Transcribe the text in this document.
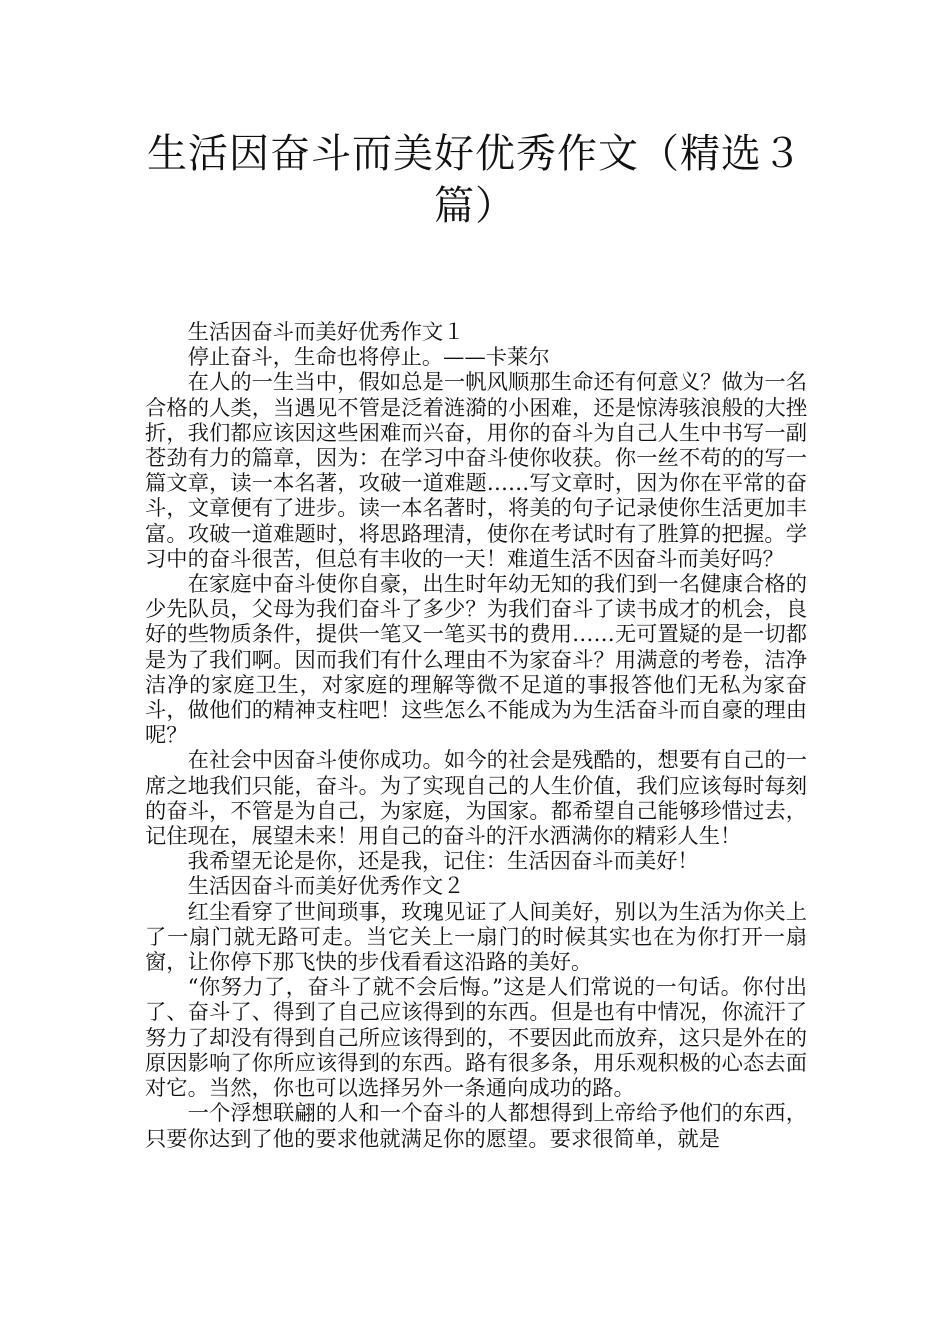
生活因奋斗而美好优秀作文（精选３篇）

生活因奋斗而美好优秀作文１

停止奋斗，生命也将停止。——卡莱尔

在人的一生当中，假如总是一帆风顺那生命还有何意义？做为一名合格的人类，当遇见不管是泛着涟漪的小困难，还是惊涛骇浪般的大挫折，我们都应该因这些困难而兴奋，用你的奋斗为自己人生中书写一副苍劲有力的篇章，因为：在学习中奋斗使你收获。你一丝不苟的的写一篇文章，读一本名著，攻破一道难题……写文章时，因为你在平常的奋斗，文章便有了进步。读一本名著时，将美的句子记录使你生活更加丰富。攻破一道难题时，将思路理清，使你在考试时有了胜算的把握。学习中的奋斗很苦，但总有丰收的一天！难道生活不因奋斗而美好吗？

在家庭中奋斗使你自豪，出生时年幼无知的我们到一名健康合格的少先队员，父母为我们奋斗了多少？为我们奋斗了读书成才的机会，良好的些物质条件，提供一笔又一笔买书的费用……无可置疑的是一切都是为了我们啊。因而我们有什么理由不为家奋斗？用满意的考卷，洁净洁净的家庭卫生，对家庭的理解等微不足道的事报答他们无私为家奋斗，做他们的精神支柱吧！这些怎么不能成为为生活奋斗而自豪的理由呢？

在社会中因奋斗使你成功。如今的社会是残酷的，想要有自己的一席之地我们只能，奋斗。为了实现自己的人生价值，我们应该每时每刻的奋斗，不管是为自己，为家庭，为国家。都希望自己能够珍惜过去，记住现在，展望未来！用自己的奋斗的汗水洒满你的精彩人生！

我希望无论是你，还是我，记住：生活因奋斗而美好！

生活因奋斗而美好优秀作文２

红尘看穿了世间琐事，玫瑰见证了人间美好，别以为生活为你关上了一扇门就无路可走。当它关上一扇门的时候其实也在为你打开一扇窗，让你停下那飞快的步伐看看这沿路的美好。

“你努力了，奋斗了就不会后悔。”这是人们常说的一句话。你付出了、奋斗了、得到了自己应该得到的东西。但是也有中情况，你流汗了努力了却没有得到自己所应该得到的，不要因此而放弃，这只是外在的原因影响了你所应该得到的东西。路有很多条，用乐观积极的心态去面对它。当然，你也可以选择另外一条通向成功的路。

一个浮想联翩的人和一个奋斗的人都想得到上帝给予他们的东西，只要你达到了他的要求他就满足你的愿望。要求很简单，就是
